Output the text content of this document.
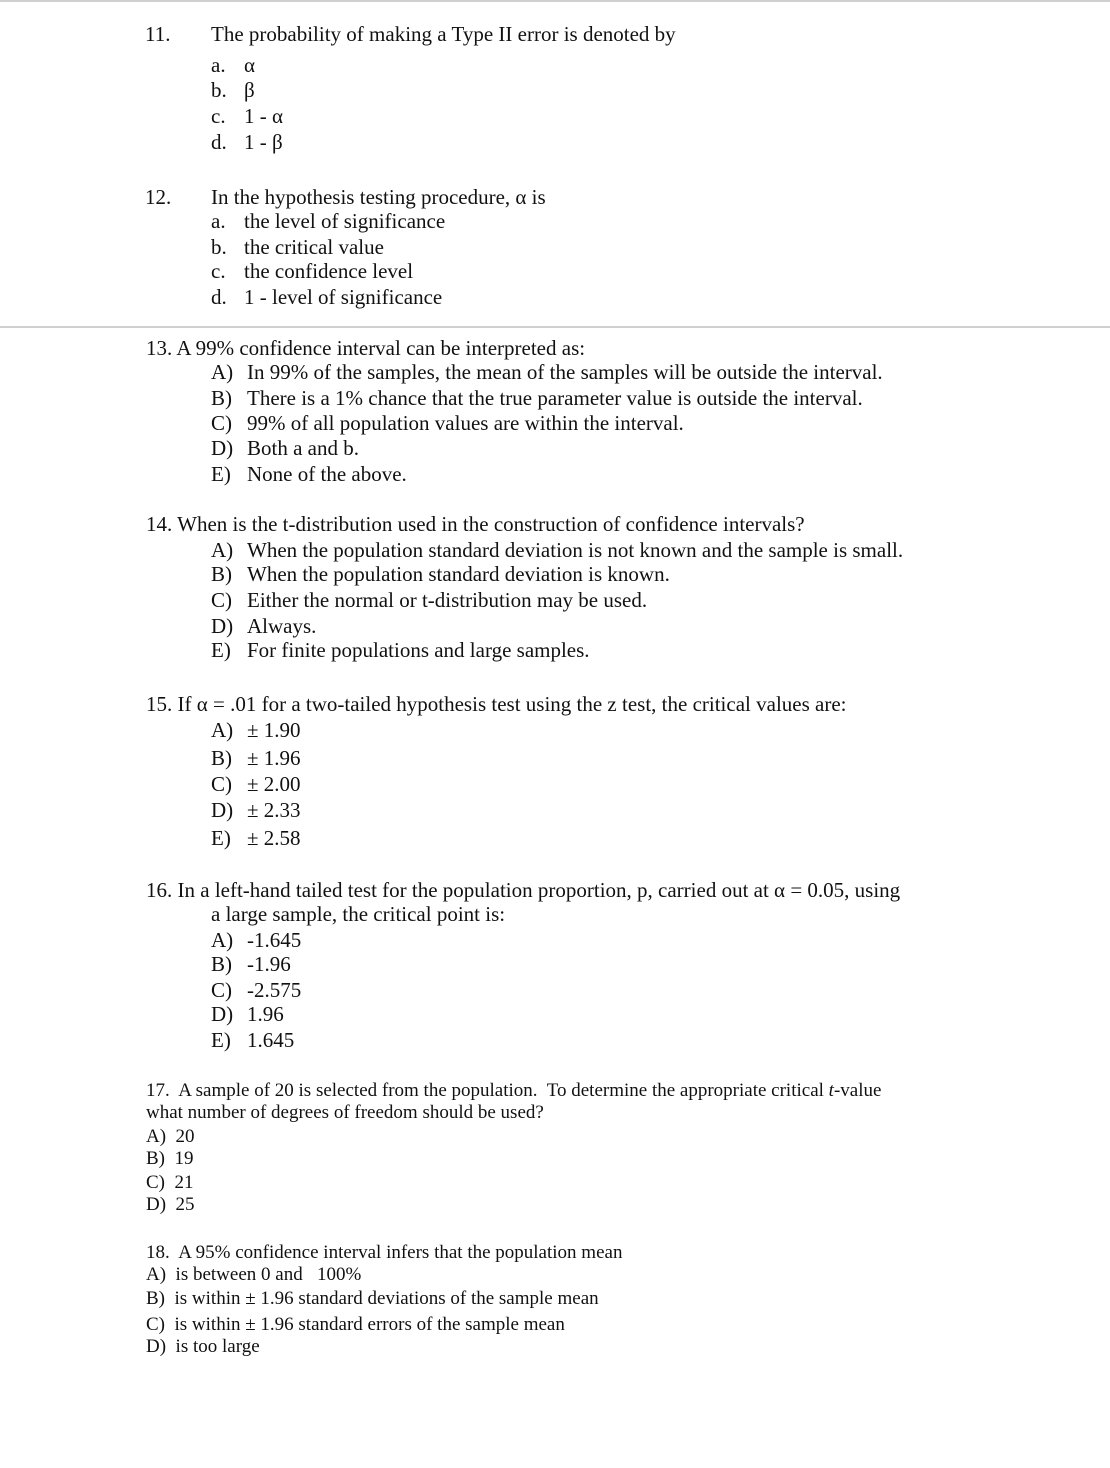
11. The probability of making a Type II error is denoted by
a. α
b. β
c. 1 - α
d. 1 - β
12. In the hypothesis testing procedure, α is
a. the level of significance
b. the critical value
c. the confidence level
d. 1 - level of significance
13. A 99% confidence interval can be interpreted as:
A) In 99% of the samples, the mean of the samples will be outside the interval.
B) There is a 1% chance that the true parameter value is outside the interval.
C) 99% of all population values are within the interval.
D) Both a and b.
E) None of the above.
14. When is the t-distribution used in the construction of confidence intervals?
A) When the population standard deviation is not known and the sample is small.
B) When the population standard deviation is known.
C) Either the normal or t-distribution may be used.
D) Always.
E) For finite populations and large samples.
15. If α = .01 for a two-tailed hypothesis test using the z test, the critical values are:
A) ± 1.90
B) ± 1.96
C) ± 2.00
D) ± 2.33
E) ± 2.58
16. In a left-hand tailed test for the population proportion, p, carried out at α = 0.05, using
a large sample, the critical point is:
A) -1.645
B) -1.96
C) -2.575
D) 1.96
E) 1.645
17.  A sample of 20 is selected from the population.  To determine the appropriate critical t-value
what number of degrees of freedom should be used?
A)  20
B)  19
C)  21
D)  25
18.  A 95% confidence interval infers that the population mean
A)  is between 0 and   100%
B)  is within ± 1.96 standard deviations of the sample mean
C)  is within ± 1.96 standard errors of the sample mean
D)  is too large
